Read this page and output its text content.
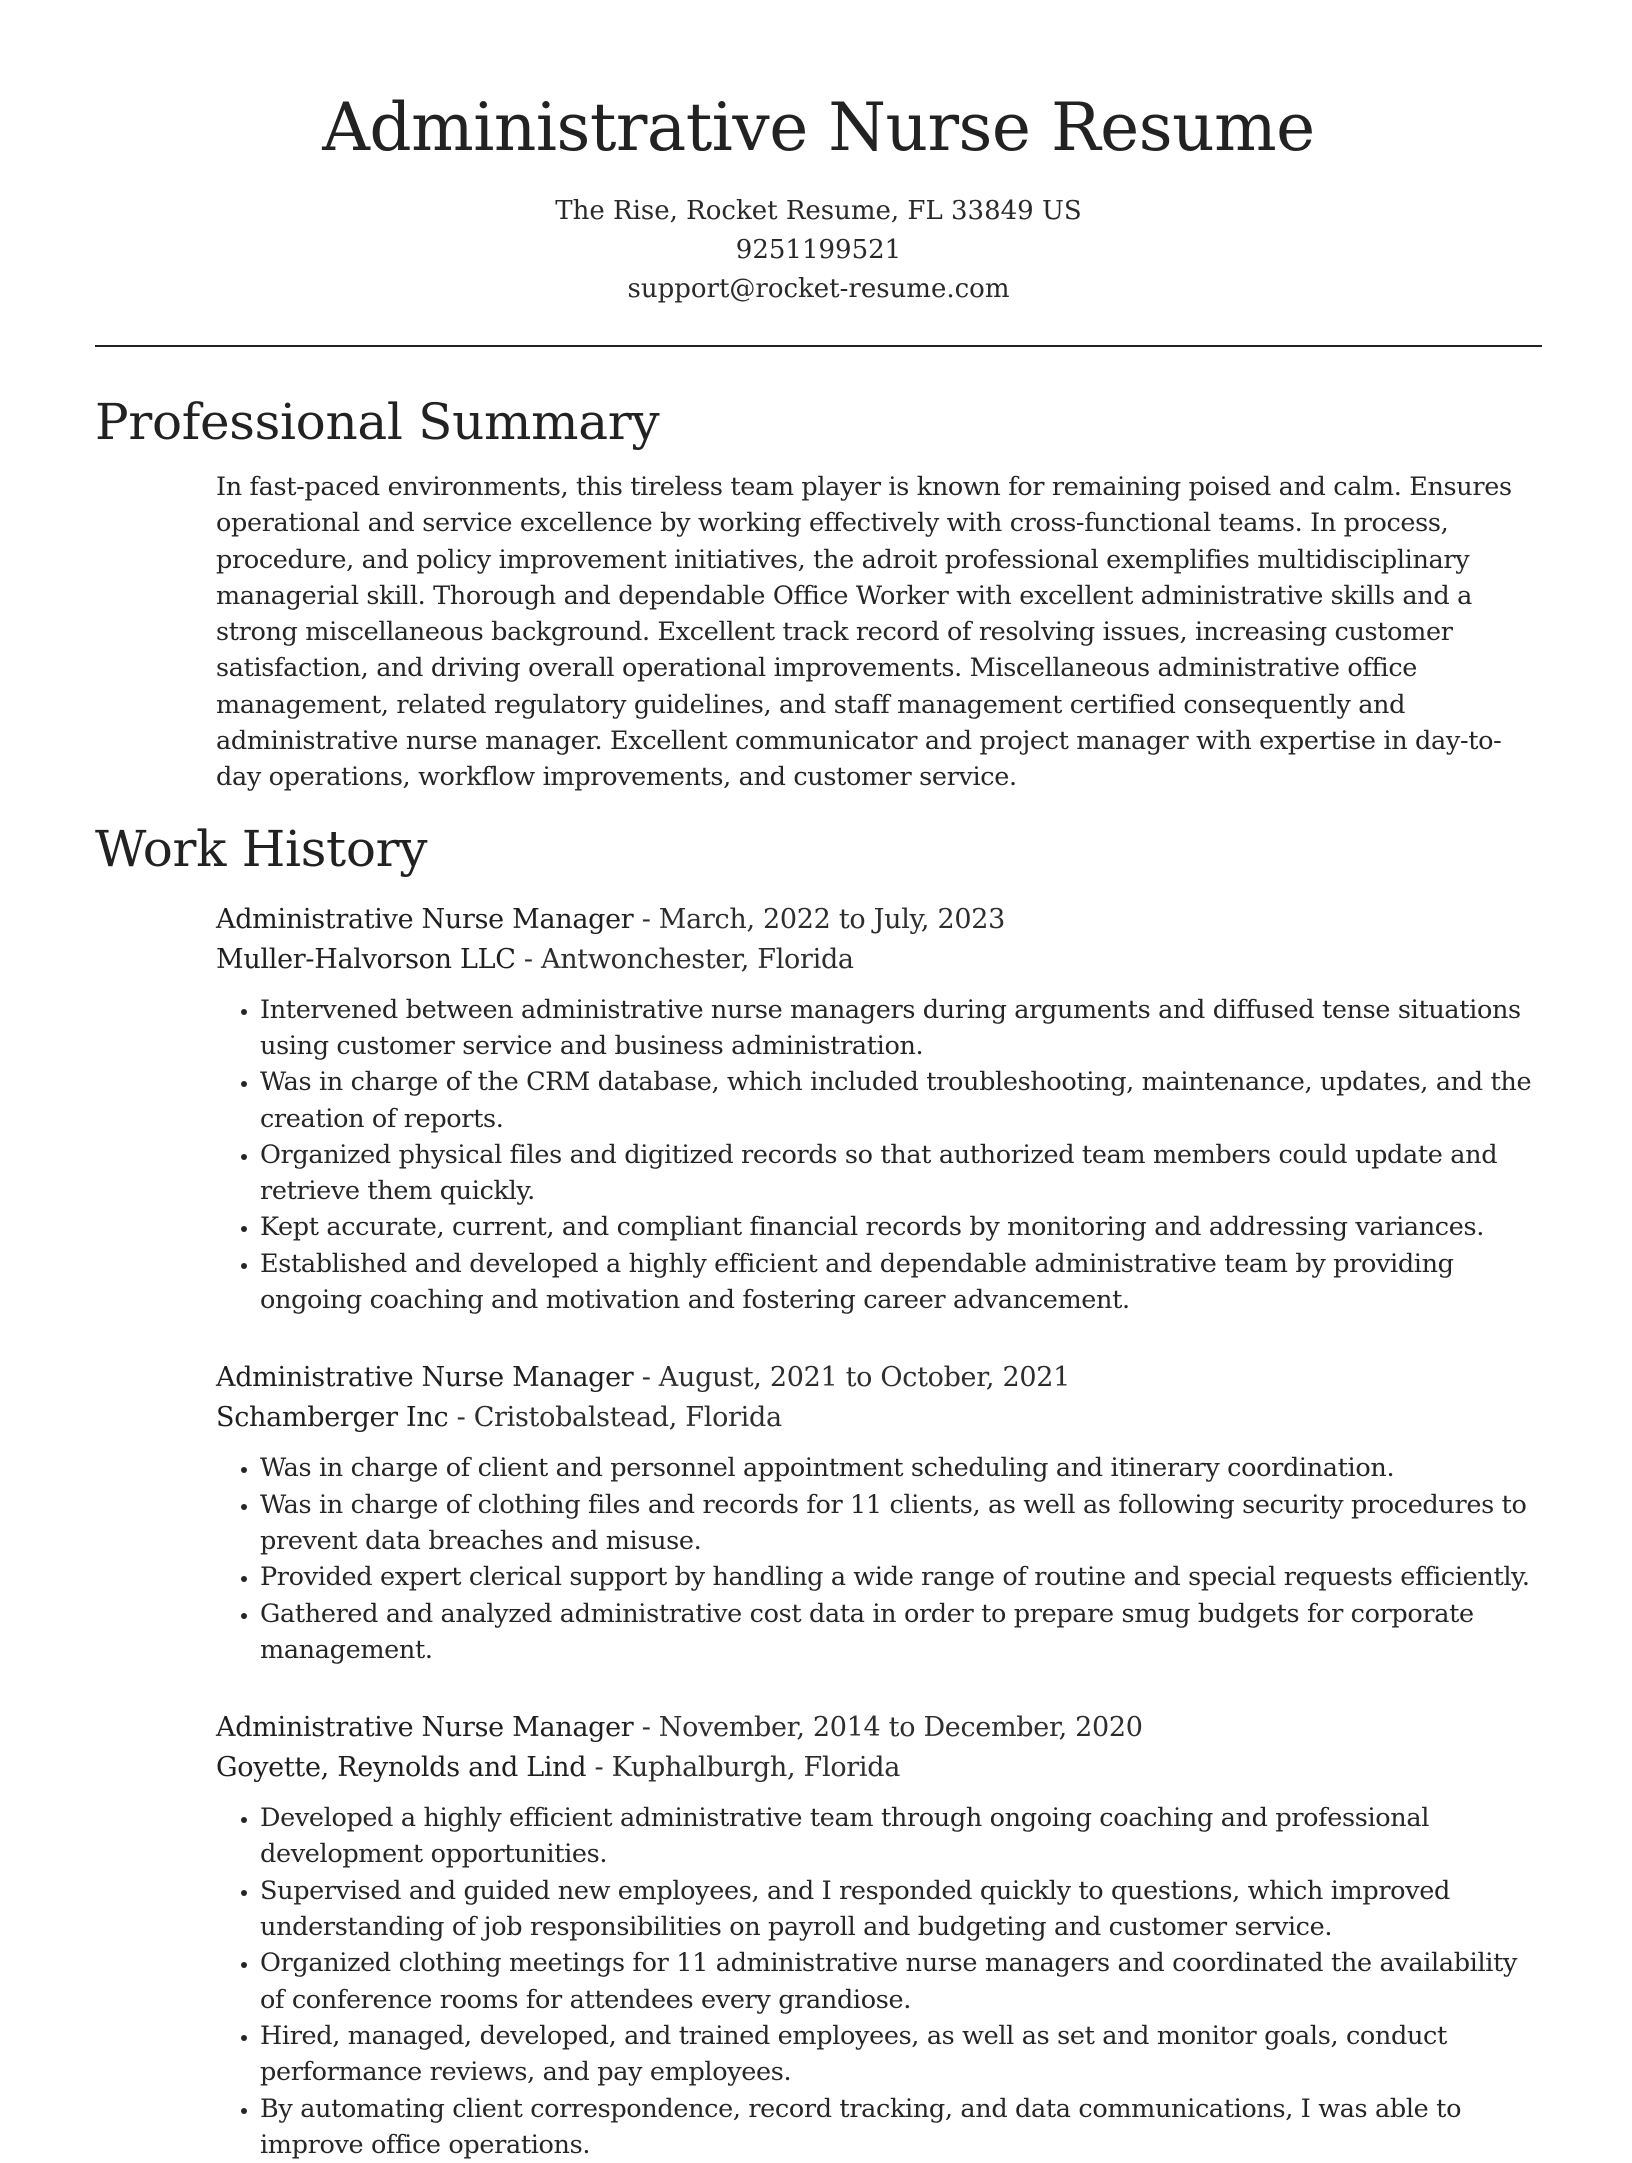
Administrative Nurse Resume
The Rise, Rocket Resume, FL 33849 US
9251199521
support@rocket-resume.com
Professional Summary

In fast-paced environments, this tireless team player is known for remaining poised and calm. Ensures operational and service excellence by working effectively with cross-functional teams. In process, procedure, and policy improvement initiatives, the adroit professional exemplifies multidisciplinary managerial skill. Thorough and dependable Office Worker with excellent administrative skills and a strong miscellaneous background. Excellent track record of resolving issues, increasing customer satisfaction, and driving overall operational improvements. Miscellaneous administrative office management, related regulatory guidelines, and staff management certified consequently and administrative nurse manager. Excellent communicator and project manager with expertise in day-to-day operations, workflow improvements, and customer service.

Work History
Administrative Nurse Manager - March, 2022 to July, 2023
Muller-Halvorson LLC - Antwonchester, Florida
• Intervened between administrative nurse managers during arguments and diffused tense situations using customer service and business administration.
• Was in charge of the CRM database, which included troubleshooting, maintenance, updates, and the creation of reports.
• Organized physical files and digitized records so that authorized team members could update and retrieve them quickly.
• Kept accurate, current, and compliant financial records by monitoring and addressing variances.
• Established and developed a highly efficient and dependable administrative team by providing ongoing coaching and motivation and fostering career advancement.
Administrative Nurse Manager - August, 2021 to October, 2021
Schamberger Inc - Cristobalstead, Florida
• Was in charge of client and personnel appointment scheduling and itinerary coordination.
• Was in charge of clothing files and records for 11 clients, as well as following security procedures to prevent data breaches and misuse.
• Provided expert clerical support by handling a wide range of routine and special requests efficiently.
• Gathered and analyzed administrative cost data in order to prepare smug budgets for corporate management.
Administrative Nurse Manager - November, 2014 to December, 2020
Goyette, Reynolds and Lind - Kuphalburgh, Florida
• Developed a highly efficient administrative team through ongoing coaching and professional development opportunities.
• Supervised and guided new employees, and I responded quickly to questions, which improved understanding of job responsibilities on payroll and budgeting and customer service.
• Organized clothing meetings for 11 administrative nurse managers and coordinated the availability of conference rooms for attendees every grandiose.
• Hired, managed, developed, and trained employees, as well as set and monitor goals, conduct performance reviews, and pay employees.
• By automating client correspondence, record tracking, and data communications, I was able to improve office operations.
